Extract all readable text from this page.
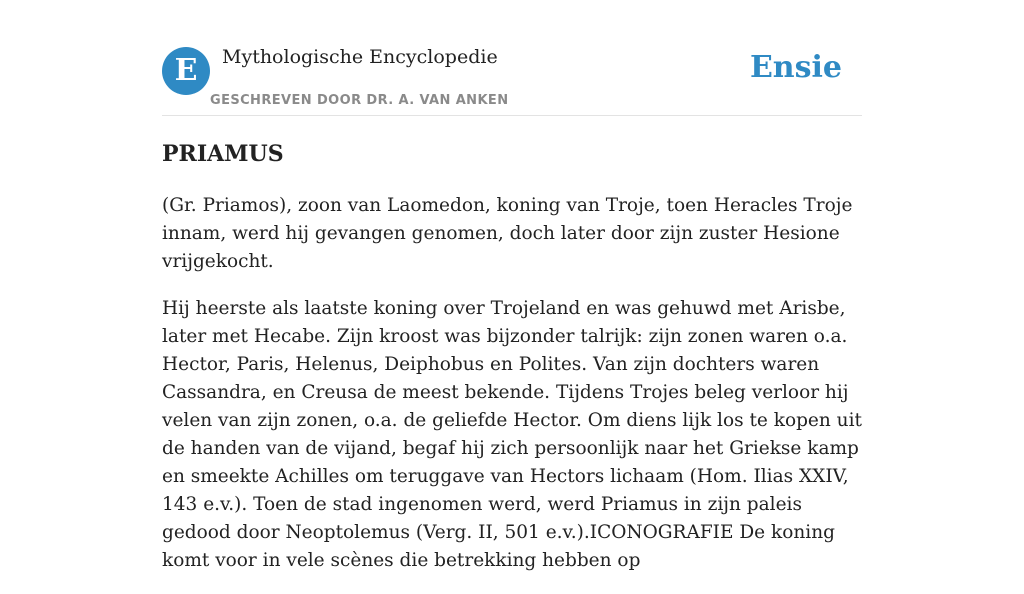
E	Mythologische Encyclopedie
GESCHREVEN DOOR DR. A. VAN ANKEN
Ensie
PRIAMUS

(Gr. Priamos), zoon van Laomedon, koning van Troje, toen Heracles Troje innam, werd hij gevangen genomen, doch later door zijn zuster Hesione vrijgekocht.

Hij heerste als laatste koning over Trojeland en was gehuwd met Arisbe, later met Hecabe. Zijn kroost was bijzonder talrijk: zijn zonen waren o.a. Hector, Paris, Helenus, Deiphobus en Polites. Van zijn dochters waren Cassandra, en Creusa de meest bekende. Tijdens Trojes beleg verloor hij velen van zijn zonen, o.a. de geliefde Hector. Om diens lijk los te kopen uit de handen van de vijand, begaf hij zich persoonlijk naar het Griekse kamp en smeekte Achilles om teruggave van Hectors lichaam (Hom. Ilias XXIV, 143 e.v.). Toen de stad ingenomen werd, werd Priamus in zijn paleis gedood door Neoptolemus (Verg. II, 501 e.v.).ICONOGRAFIE De koning komt voor in vele scènes die betrekking hebben op
